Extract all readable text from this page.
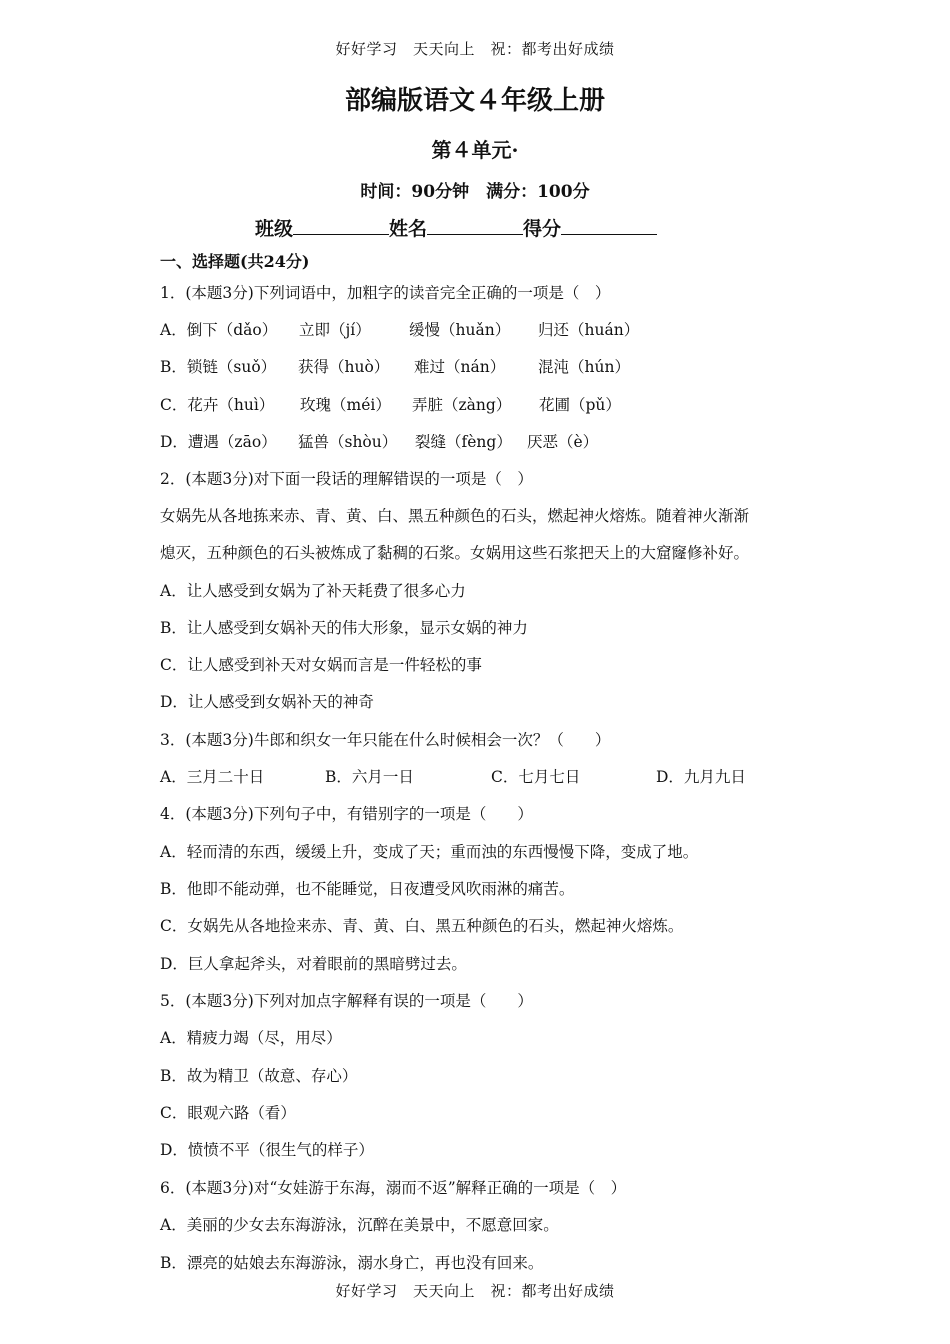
好好学习　天天向上　祝：都考出好成绩
部编版语文４年级上册
第４单元·
时间：90分钟　满分：100分
班级	姓名	得分
一、选择题(共24分)
1．(本题3分)下列词语中，加粗字的读音完全正确的一项是（　）
A．倒下（dǎo） 立即（jí） 缓慢（huǎn） 归还（huán）
B．锁链（suǒ） 获得（huò） 难过（nán） 混沌（hún）
C．花卉（huì） 玫瑰（méi） 弄脏（zàng） 花圃（pǔ）
D．遭遇（zāo） 猛兽（shòu） 裂缝（fèng） 厌恶（è）
2．(本题3分)对下面一段话的理解错误的一项是（　）
女娲先从各地拣来赤、青、黄、白、黑五种颜色的石头，燃起神火熔炼。随着神火渐渐
熄灭，五种颜色的石头被炼成了黏稠的石浆。女娲用这些石浆把天上的大窟窿修补好。
A．让人感受到女娲为了补天耗费了很多心力
B．让人感受到女娲补天的伟大形象，显示女娲的神力
C．让人感受到补天对女娲而言是一件轻松的事
D．让人感受到女娲补天的神奇
3．(本题3分)牛郎和织女一年只能在什么时候相会一次？（　　）
A．三月二十日	B．六月一日	C．七月七日	D．九月九日
4．(本题3分)下列句子中，有错别字的一项是（　　）
A．轻而清的东西，缓缓上升，变成了天；重而浊的东西慢慢下降，变成了地。
B．他即不能动弹，也不能睡觉，日夜遭受风吹雨淋的痛苦。
C．女娲先从各地捡来赤、青、黄、白、黑五种颜色的石头，燃起神火熔炼。
D．巨人拿起斧头，对着眼前的黑暗劈过去。
5．(本题3分)下列对加点字解释有误的一项是（　　）
A．精疲力竭（尽，用尽）
B．故为精卫（故意、存心）
C．眼观六路（看）
D．愤愤不平（很生气的样子）
6．(本题3分)对“女娃游于东海，溺而不返”解释正确的一项是（　）
A．美丽的少女去东海游泳，沉醉在美景中，不愿意回家。
B．漂亮的姑娘去东海游泳，溺水身亡，再也没有回来。
好好学习　天天向上　祝：都考出好成绩
